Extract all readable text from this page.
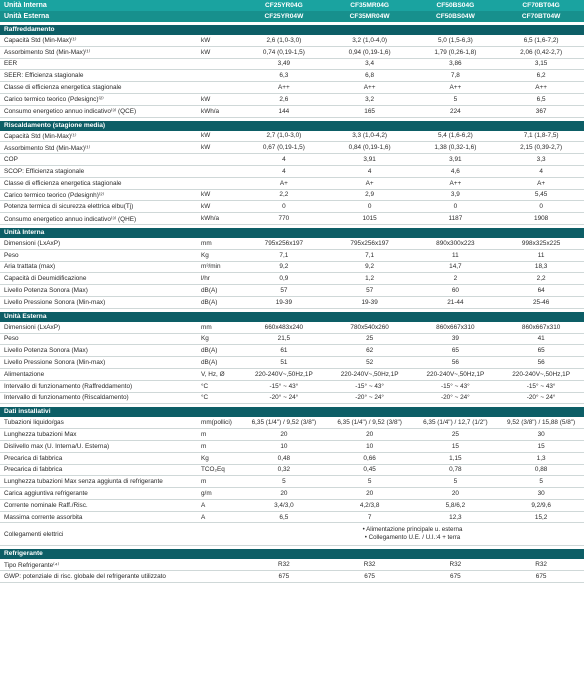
Unità Interna	CF25YR04G	CF35MR04G	CF50BS04G	CF70BT04G
Unità Esterna	CF25YR04W	CF35MR04W	CF50BS04W	CF70BT04W
Raffreddamento
Capacità Std (Min-Max)⁽¹⁾	kW	2,6 (1,0-3,0)	3,2 (1,0-4,0)	5,0 (1,5-6,3)	6,5 (1,6-7,2)
Assorbimento Std (Min-Max)⁽¹⁾	kW	0,74 (0,19-1,5)	0,94 (0,19-1,6)	1,79 (0,26-1,8)	2,06 (0,42-2,7)
EER	3,49	3,4	3,86	3,15
SEER: Efficienza stagionale	6,3	6,8	7,8	6,2
Classe di efficienza energetica stagionale	A++	A++	A++	A++
Carico termico teorico (Pdesignc)⁽²⁾	kW	2,6	3,2	5	6,5
Consumo energetico annuo indicativo⁽³⁾ (QCE)	kWh/a	144	165	224	367
Riscaldamento (stagione media)
Capacità Std (Min-Max)⁽¹⁾	kW	2,7 (1,0-3,0)	3,3 (1,0-4,2)	5,4 (1,6-6,2)	7,1 (1,8-7,5)
Assorbimento Std (Min-Max)⁽¹⁾	kW	0,67 (0,19-1,5)	0,84 (0,19-1,6)	1,38 (0,32-1,6)	2,15 (0,39-2,7)
COP	4	3,91	3,91	3,3
SCOP: Efficienza stagionale	4	4	4,6	4
Classe di efficienza energetica stagionale	A+	A+	A++	A+
Carico termico teorico (Pdesignh)⁽²⁾	kW	2,2	2,9	3,9	5,45
Potenza termica di sicurezza elettrica elbu(Tj)	kW	0	0	0	0
Consumo energetico annuo indicativo⁽³⁾ (QHE)	kWh/a	770	1015	1187	1908
Unità Interna
Dimensioni (LxAxP)	mm	795x256x197	795x256x197	890x300x223	998x325x225
Peso	Kg	7,1	7,1	11	11
Aria trattata (max)	m³/min	9,2	9,2	14,7	18,3
Capacità di Deumidificazione	l/hr	0,9	1,2	2	2,2
Livello Potenza Sonora (Max)	dB(A)	57	57	60	64
Livello Pressione Sonora (Min-max)	dB(A)	19-39	19-39	21-44	25-46
Unità Esterna
Dimensioni (LxAxP)	mm	660x483x240	780x540x260	860x667x310	860x667x310
Peso	Kg	21,5	25	39	41
Livello Potenza Sonora (Max)	dB(A)	61	62	65	65
Livello Pressione Sonora (Min-max)	dB(A)	51	52	56	56
Alimentazione	V, Hz, Ø	220-240V~,50Hz,1P	220-240V~,50Hz,1P	220-240V~,50Hz,1P	220-240V~,50Hz,1P
Intervallo di funzionamento (Raffreddamento)	°C	-15° ~ 43°	-15° ~ 43°	-15° ~ 43°	-15° ~ 43°
Intervallo di funzionamento (Riscaldamento)	°C	-20° ~ 24°	-20° ~ 24°	-20° ~ 24°	-20° ~ 24°
Dati installativi
Tubazioni liquido/gas	mm(pollici)	6,35 (1/4") / 9,52 (3/8")	6,35 (1/4") / 9,52 (3/8")	6,35 (1/4") / 12,7 (1/2")	9,52 (3/8") / 15,88 (5/8")
Lunghezza tubazioni Max	m	20	20	25	30
Dislivello max (U. Interna/U. Esterna)	m	10	10	15	15
Precarica di fabbrica	Kg	0,48	0,66	1,15	1,3
Precarica di fabbrica	TCO₂Eq	0,32	0,45	0,78	0,88
Lunghezza tubazioni Max senza aggiunta di refrigerante	m	5	5	5	5
Carica aggiuntiva refrigerante	g/m	20	20	20	30
Corrente nominale Raff./Risc.	A	3,4/3,0	4,2/3,8	5,8/6,2	9,2/9,6
Massima corrente assorbita	A	6,5	7	12,3	15,2
Collegamenti elettrici
• Alimentazione principale u. esterna
• Collegamento U.E. / U.I.:4 + terra
Refrigerante
Tipo Refrigerante⁽⁴⁾	R32	R32	R32	R32
GWP: potenziale di risc. globale del refrigerante utilizzato	675	675	675	675
